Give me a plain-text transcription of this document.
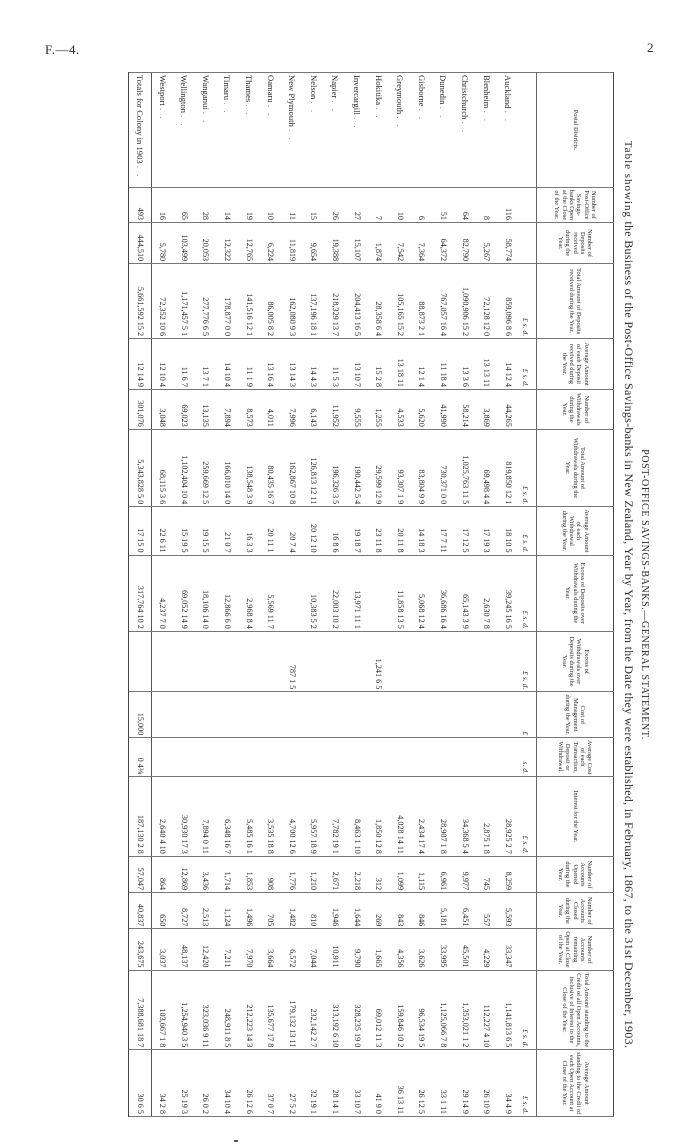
F.—4.	2
POST-OFFICE SAVINGS-BANKS.—GENERAL STATEMENT.
Table showing the Business of the Post-Office Savings-banks in New Zealand, Year by Year, from the Date they were established, in February, 1867, to the 31st December, 1903.
Postal Districts.	Number of Post-Office Savings-banks Open at the Close of the Year.	Number of Deposits received during the Year.	Total Amount of Deposits received during the Year.	Average Amount of each Deposit received during the Year.	Number of Withdrawals during the Year.	Total Amount of Withdrawals during the Year.	Average Amount of each Withdrawal during the Year.	Excess of Deposits over Withdrawals during the Year.	Excess of Withdrawals over Deposits during the Year.	Cost of Management during the Year.	Average Cost of each Transaction, Deposit or Withdrawal.	Interest for the Year.	Number of Accounts Opened during the Year.	Number of Accounts Closed during the Year.	Number of Accounts remaining Open at Close of the Year.	Total Amount standing to the Credit of all Open Accounts, inclusive of Interest to the Close of the Year.	Average Amount standing to the Credit of each Open Account at Close of the Year.
			£ s. d.	£ s. d.		£ s. d.	£ s. d.	£ s. d.	£ s. d.	£	s. d.	£ s. d.				£ s. d.	£ s. d.
Auckland . .	116	58,774	859,096 8 6	14 12 4	44,265	819,850 12 1	18 10 5	39,245 16 5				28,925 2 7	8,259	5,593	33,347	1,141,813 6 5	34 4 9
Blenheim . .	8	5,267	72,128 12 0	13 13 11	3,869	69,498 4 4	17 19 3	2,630 7 8				2,875 1 8	745	557	4,229	112,227 4 10	26 10 9
Christchurch . .	64	82,790	1,090,906 15 2	13 3 6	58,214	1,025,763 11 5	17 12 5	65,143 3 9				34,368 5 4	9,977	6,451	45,501	1,353,021 1 2	29 14 9
Dunedin . .	51	64,372	767,057 16 4	11 18 4	41,990	730,371 0 0	17 7 11	36,686 16 4				28,907 1 8	6,961	5,181	33,995	1,125,066 7 8	33 1 11
Gisborne . .	6	7,364	88,873 2 1	12 1 4	5,620	83,804 9 9	14 18 3	5,068 12 4				2,434 17 4	1,115	846	3,626	96,534 19 5	26 12 5
Greymouth . .	10	7,542	105,165 15 2	13 18 11	4,533	93,307 1 9	20 11 8	11,858 13 5				4,028 14 11	1,099	843	4,356	159,846 10 2	36 13 11
Hokitika . .	7	1,874	28,358 6 4	15 2 8	1,255	29,599 12 9	23 11 8		1,241 6 5			1,850 12 8	312	269	1,665	69,012 11 3	41 9 0
Invercargill . .	27	15,107	204,413 16 5	13 10 7	9,555	190,442 5 4	19 18 7	13,971 11 1				8,463 1 10	2,218	1,644	9,790	328,235 19 0	33 10 7
Napier . .	26	19,388	218,329 13 7	11 5 3	11,952	196,326 3 5	16 8 6	22,003 10 2				7,782 19 1	2,671	1,946	10,911	313,192 6 10	28 14 1
Nelson . .	15	9,654	137,196 18 1	14 4 3	6,143	126,813 12 11	20 12 10	10,383 5 2				5,957 18 9	1,210	810	7,044	232,142 2 7	32 19 1
New Plymouth . .	11	11,819	162,080 9 3	13 14 3	7,996	162,867 10 8	20 7 4		787 1 5			4,700 12 6	1,776	1,482	6,572	179,132 13 11	27 5 2
Oamaru . .	10	6,224	86,005 8 2	13 16 4	4,011	80,435 16 7	20 11 1	5,569 11 7				3,535 18 8	908	705	3,664	135,677 17 8	37 0 7
Thames . .	19	12,765	141,516 12 1	11 1 9	8,573	138,548 3 9	16 3 3	2,968 8 4				5,485 16 1	1,853	1,496	7,970	212,223 14 3	26 12 6
Timaru . .	14	12,322	178,877 0 0	14 10 4	7,894	166,010 14 0	21 0 7	12,866 6 0				6,348 16 7	1,714	1,124	7,211	248,911 8 5	34 10 4
Wanganui . .	28	20,053	277,776 6 5	13 7 1	13,135	259,669 12 5	19 15 5	18,106 14 0				7,894 0 11	3,436	2,513	12,420	323,036 9 11	26 0 2
Wellington . .	65	103,499	1,171,457 5 1	11 6 7	69,023	1,102,404 10 4	15 19 5	69,052 14 9				30,930 17 3	12,869	8,727	48,137	1,254,940 3 5	25 19 3
Westport . .	16	5,780	72,352 10 6	12 10 4	3,048	68,115 3 6	22 6 11	4,237 7 0				2,640 4 10	864	650	3,037	103,667 1 8	34 2 8
Totals for Colony in 1903 . .	493	444,510	5,661,592 15 2	12 14 9	301,076	5,343,828 5 0	17 15 0	317,764 10 2		15,000	0 4⅜	187,130 2 8	57,047	40,837	243,675	7,388,681 18 7	30 6 5
